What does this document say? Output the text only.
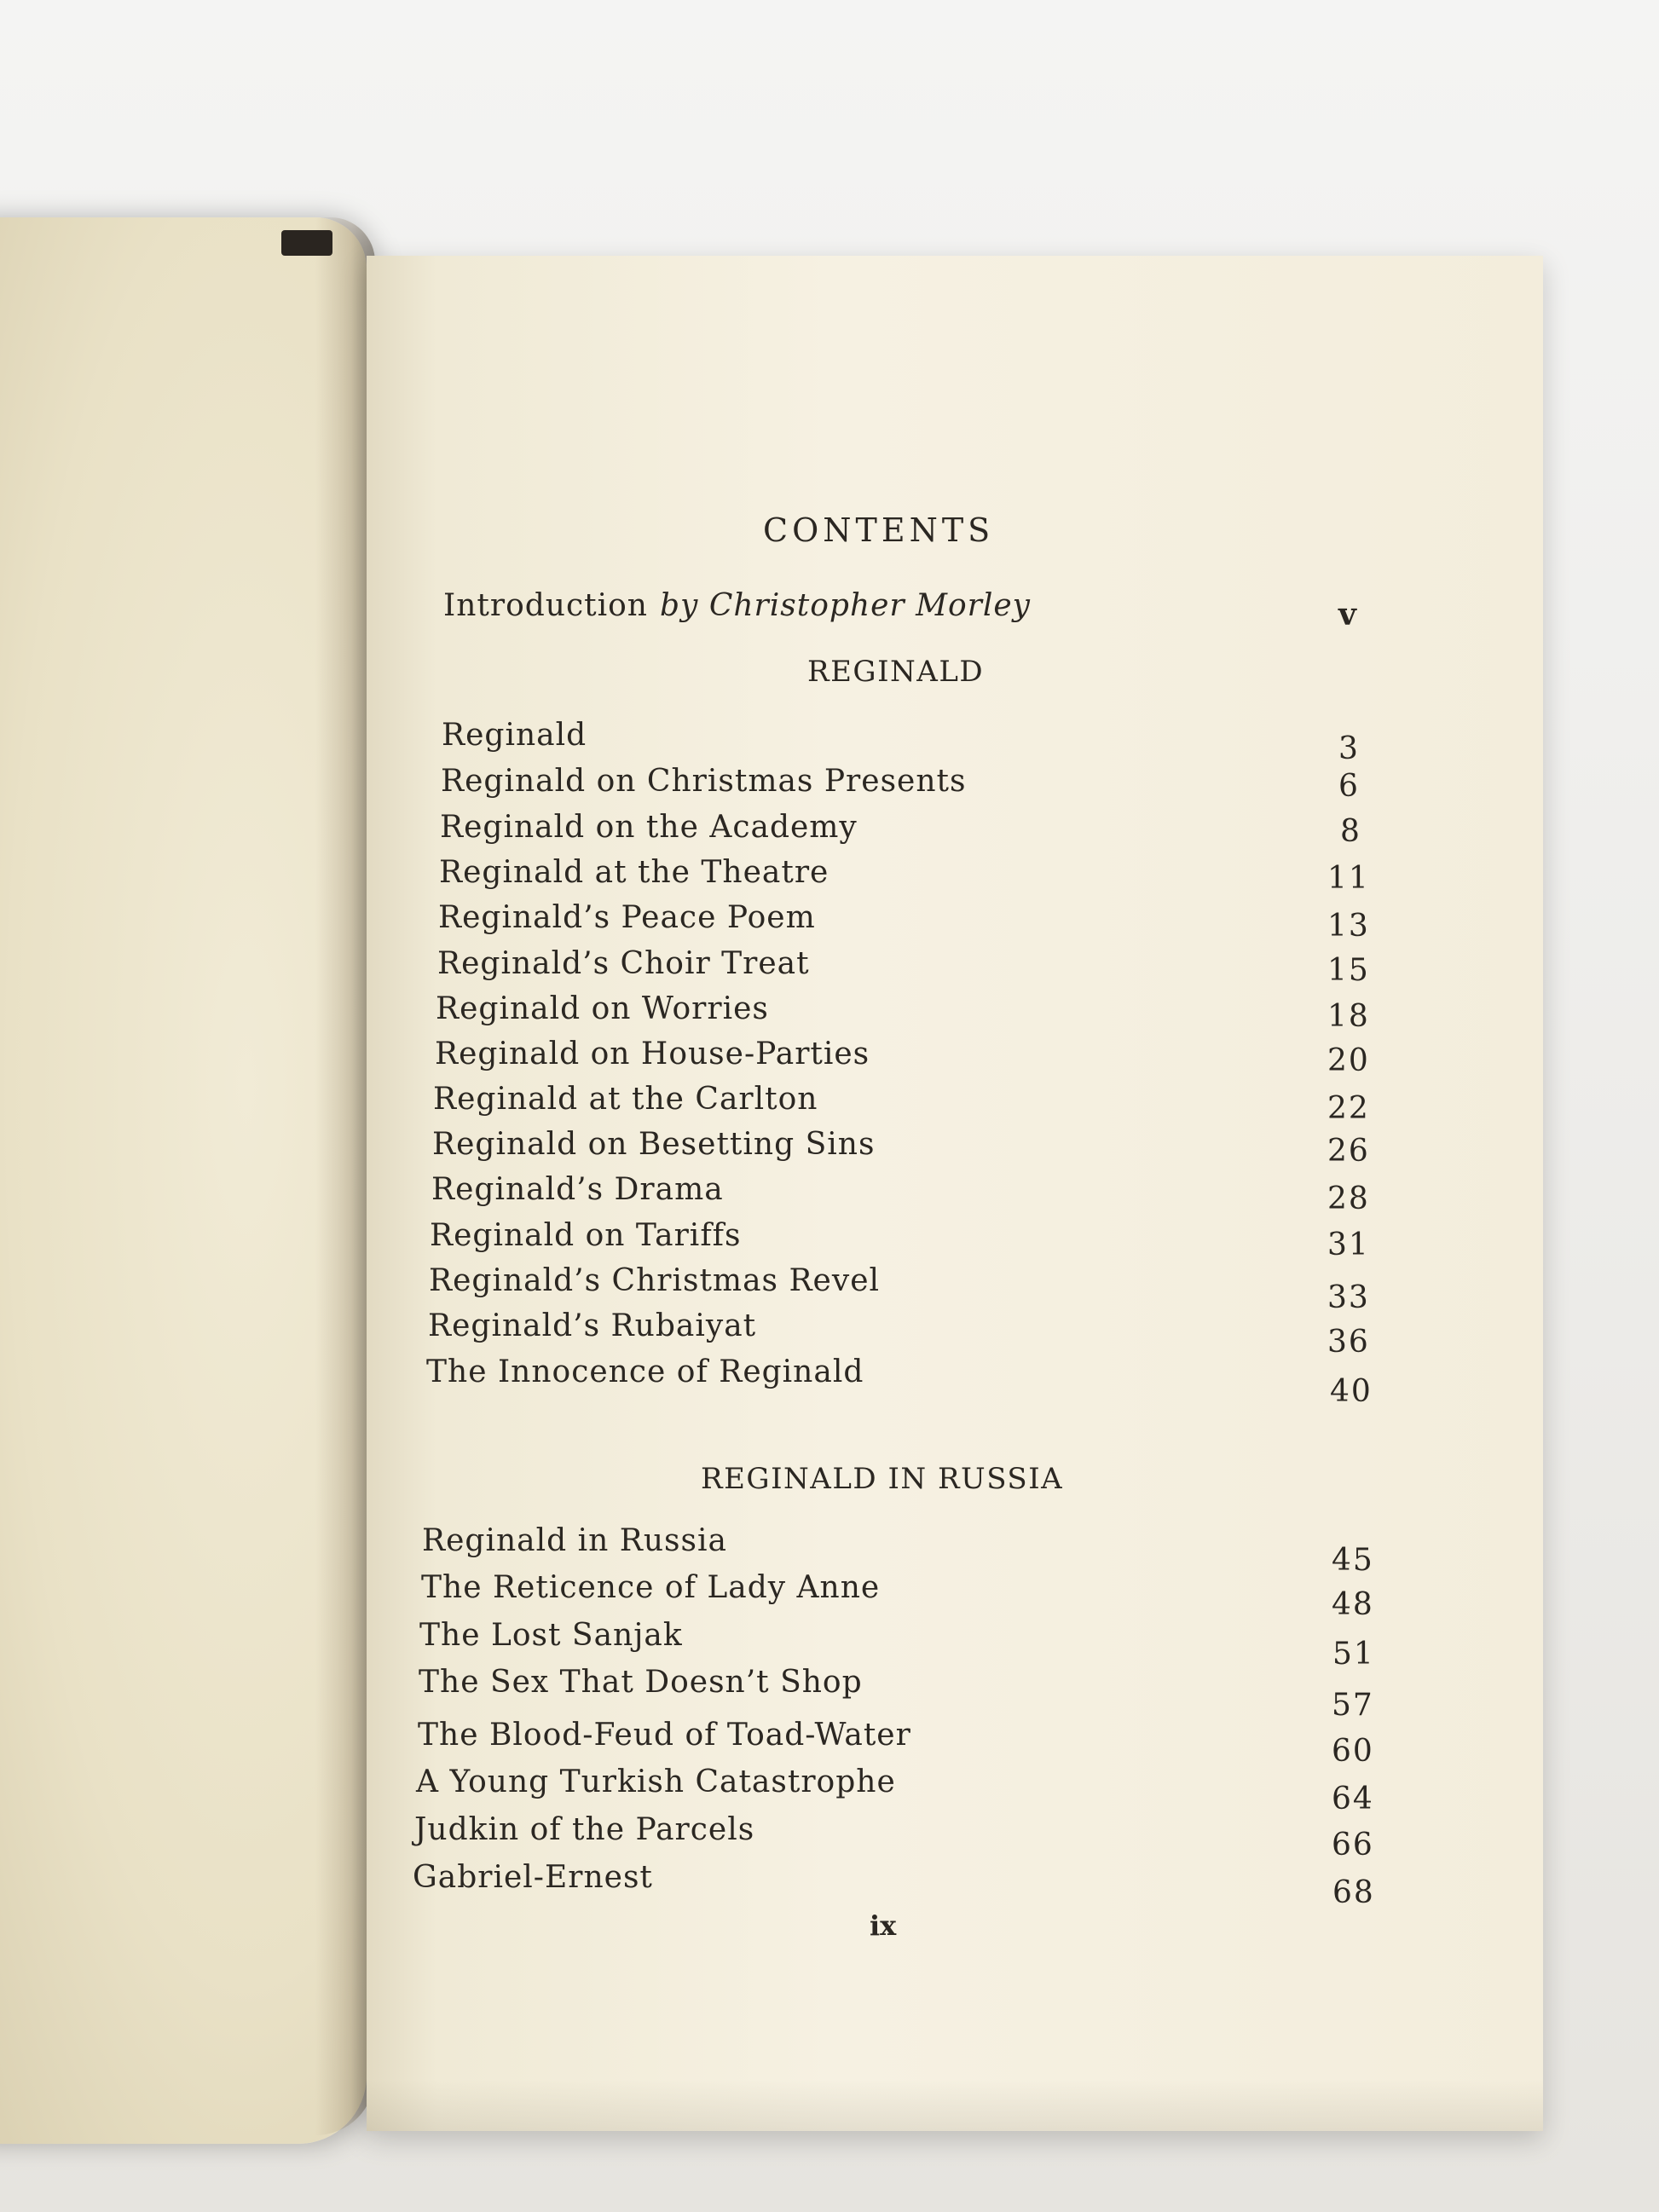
CONTENTS
Introduction by Christopher Morley	v
REGINALD
Reginald	3
Reginald on Christmas Presents	6
Reginald on the Academy	8
Reginald at the Theatre	11
Reginald’s Peace Poem	13
Reginald’s Choir Treat	15
Reginald on Worries	18
Reginald on House-Parties	20
Reginald at the Carlton	22
Reginald on Besetting Sins	26
Reginald’s Drama	28
Reginald on Tariffs	31
Reginald’s Christmas Revel	33
Reginald’s Rubaiyat	36
The Innocence of Reginald
40
REGINALD IN RUSSIA
Reginald in Russia
45
The Reticence of Lady Anne	48
The Lost Sanjak
51
The Sex That Doesn’t Shop
57
The Blood-Feud of Toad-Water	60
A Young Turkish Catastrophe	64
Judkin of the Parcels	66
Gabriel-Ernest	68
ix
